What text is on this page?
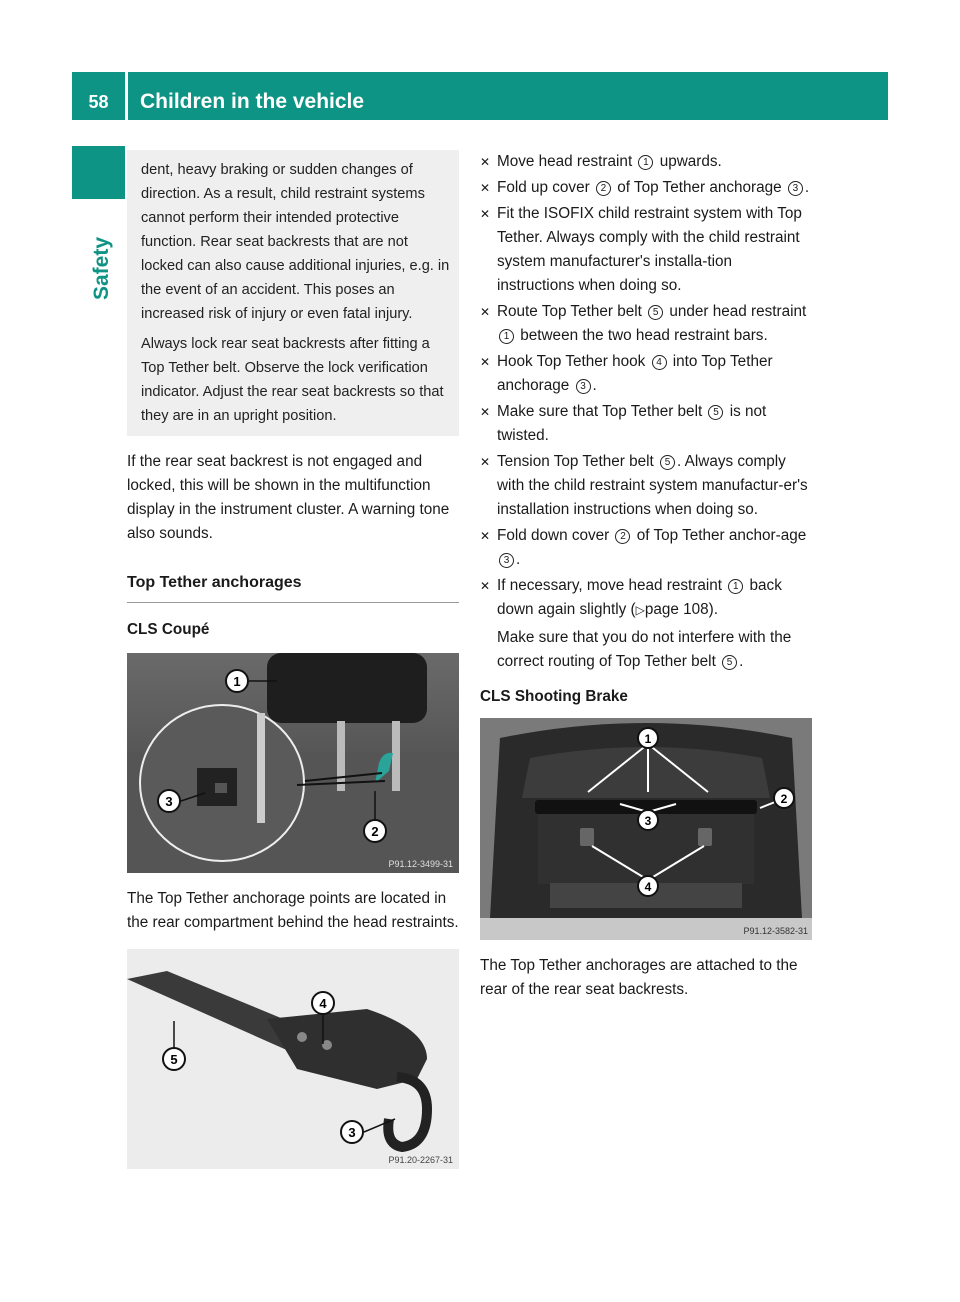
58	Children in the vehicle
Safety

dent, heavy braking or sudden changes of direction. As a result, child restraint systems cannot perform their intended protective function. Rear seat backrests that are not locked can also cause additional injuries, e.g. in the event of an accident. This poses an increased risk of injury or even fatal injury.

Always lock rear seat backrests after fitting a Top Tether belt. Observe the lock verification indicator. Adjust the rear seat backrests so that they are in an upright position.

If the rear seat backrest is not engaged and locked, this will be shown in the multifunction display in the instrument cluster. A warning tone also sounds.

Top Tether anchorages
CLS Coupé
1
2
3
P91.12-3499-31

The Top Tether anchorage points are located in the rear compartment behind the head restraints.

4
5
3
P91.20-2267-31
✕ Move head restraint 1 upwards.
✕ Fold up cover 2 of Top Tether anchorage 3 .
✕ Fit the ISOFIX child restraint system with Top Tether. Always comply with the child restraint system manufacturer's installa-tion instructions when doing so.
✕ Route Top Tether belt 5 under head restraint 1 between the two head restraint bars.
✕ Hook Top Tether hook 4 into Top Tether anchorage 3 .
✕ Make sure that Top Tether belt 5 is not twisted.
✕ Tension Top Tether belt 5 . Always comply with the child restraint system manufactur-er's installation instructions when doing so.
✕ Fold down cover 2 of Top Tether anchor-age 3 .
✕ If necessary, move head restraint 1 back down again slightly (▷page 108).
Make sure that you do not interfere with the correct routing of Top Tether belt 5 .
CLS Shooting Brake
1
2
3
4
P91.12-3582-31

The Top Tether anchorages are attached to the rear of the rear seat backrests.
